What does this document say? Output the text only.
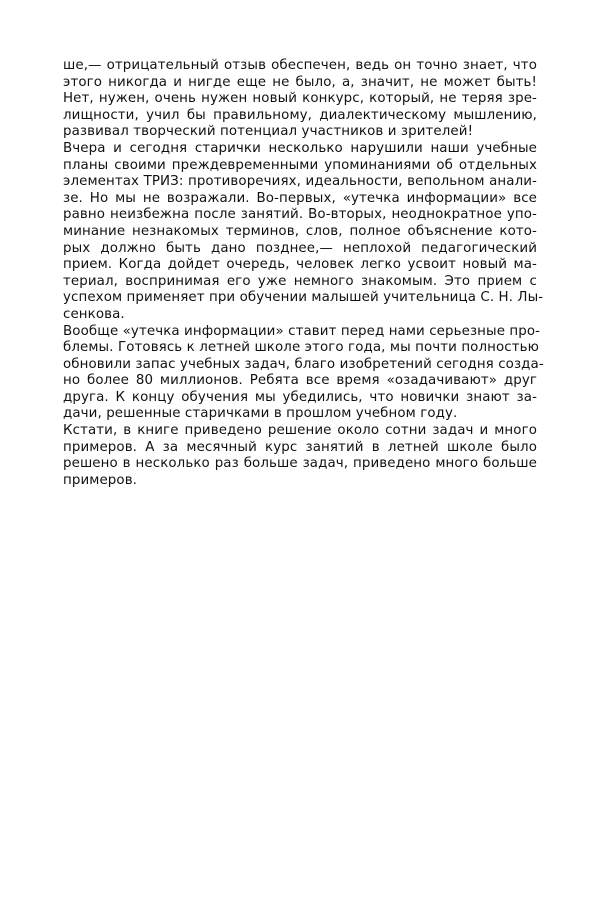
ше,— отрицательный отзыв обеспечен, ведь он точно знает, что
этого никогда и нигде еще не было, а, значит, не может быть!
Нет, нужен, очень нужен новый конкурс, который, не теряя зре-
лищности, учил бы правильному, диалектическому мышлению,
развивал творческий потенциал участников и зрителей!
Вчера и сегодня старички несколько нарушили наши учебные
планы своими преждевременными упоминаниями об отдельных
элементах ТРИЗ: противоречиях, идеальности, вепольном анали-
зе. Но мы не возражали. Во-первых, «утечка информации» все
равно неизбежна после занятий. Во-вторых, неоднократное упо-
минание незнакомых терминов, слов, полное объяснение кото-
рых должно быть дано позднее,— неплохой педагогический
прием. Когда дойдет очередь, человек легко усвоит новый ма-
териал, воспринимая его уже немного знакомым. Это прием с
успехом применяет при обучении малышей учительница С. Н. Лы-
сенкова.
Вообще «утечка информации» ставит перед нами серьезные про-
блемы. Готовясь к летней школе этого года, мы почти полностью
обновили запас учебных задач, благо изобретений сегодня созда-
но более 80 миллионов. Ребята все время «озадачивают» друг
друга. К концу обучения мы убедились, что новички знают за-
дачи, решенные старичками в прошлом учебном году.
Кстати, в книге приведено решение около сотни задач и много
примеров. А за месячный курс занятий в летней школе было
решено в несколько раз больше задач, приведено много больше
примеров.
